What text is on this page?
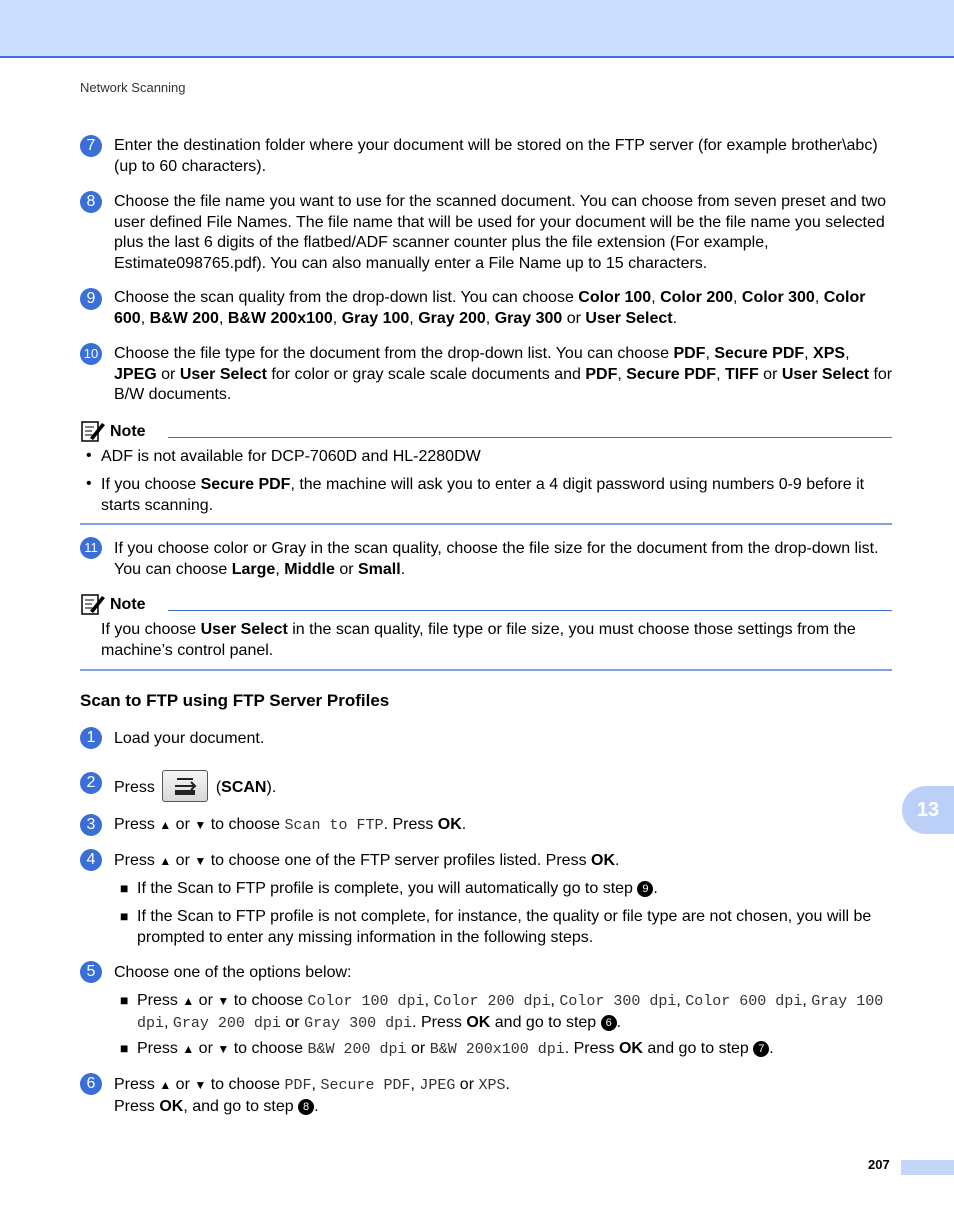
Network Scanning
7	Enter the destination folder where your document will be stored on the FTP server (for example brother\abc) (up to 60 characters).
8	Choose the file name you want to use for the scanned document. You can choose from seven preset and two user defined File Names. The file name that will be used for your document will be the file name you selected plus the last 6 digits of the flatbed/ADF scanner counter plus the file extension (For example, Estimate098765.pdf). You can also manually enter a File Name up to 15 characters.
9	Choose the scan quality from the drop-down list. You can choose Color 100, Color 200, Color 300, Color 600, B&W 200, B&W 200x100, Gray 100, Gray 200, Gray 300 or User Select.
10 Choose the file type for the document from the drop-down list. You can choose PDF, Secure PDF, XPS, JPEG or User Select for color or gray scale scale documents and PDF, Secure PDF, TIFF or User Select for B/W documents.
Note
• ADF is not available for DCP-7060D and HL-2280DW
• If you choose Secure PDF, the machine will ask you to enter a 4 digit password using numbers 0-9 before it starts scanning.
11 If you choose color or Gray in the scan quality, choose the file size for the document from the drop-down list. You can choose Large, Middle or Small.
Note
If you choose User Select in the scan quality, file type or file size, you must choose those settings from the machine’s control panel.
Scan to FTP using FTP Server Profiles
1	Load your document.
2	Press	(SCAN).
3	Press ▲ or ▼ to choose Scan to FTP. Press OK.
4	Press ▲ or ▼ to choose one of the FTP server profiles listed. Press OK.
■ If the Scan to FTP profile is complete, you will automatically go to step 9 .
■ If the Scan to FTP profile is not complete, for instance, the quality or file type are not chosen, you will be prompted to enter any missing information in the following steps.
5	Choose one of the options below:
■ Press ▲ or ▼ to choose Color 100 dpi, Color 200 dpi, Color 300 dpi, Color 600 dpi, Gray 100 dpi, Gray 200 dpi or Gray 300 dpi. Press OK and go to step 6 .
■ Press ▲ or ▼ to choose B&W 200 dpi or B&W 200x100 dpi. Press OK and go to step 7 .
6	Press ▲ or ▼ to choose PDF, Secure PDF, JPEG or XPS.
Press OK, and go to step 8 .
13
207
